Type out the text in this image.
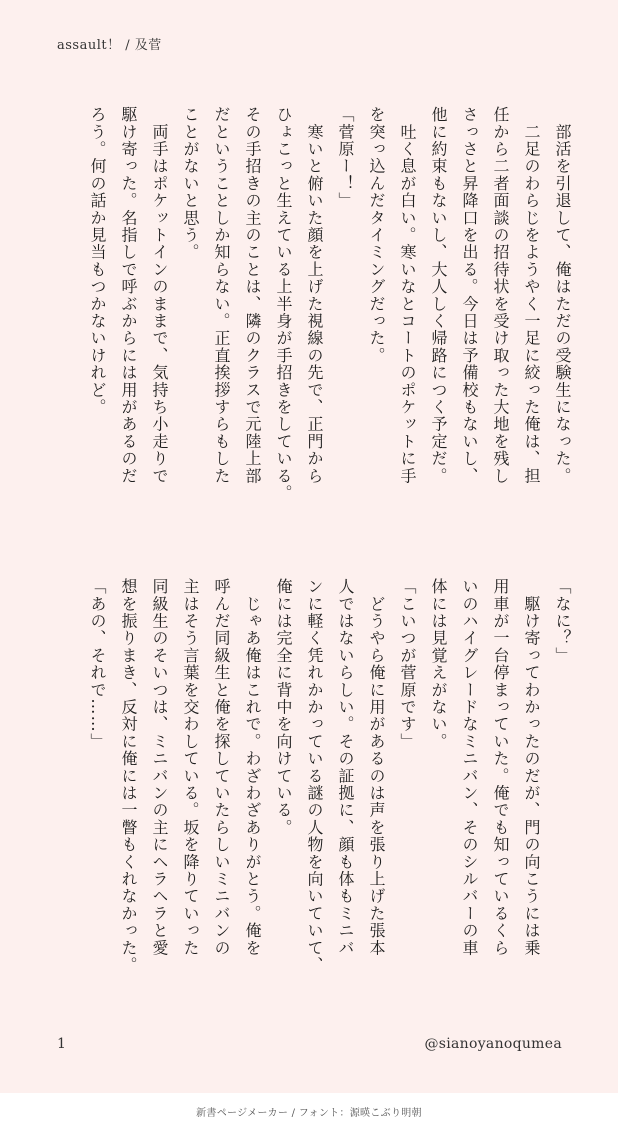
assault！ / 及菅
　部活を引退して、俺はただの受験生になった。
　二足のわらじをようやく一足に絞った俺は、担
任から二者面談の招待状を受け取った大地を残し
さっさと昇降口を出る。今日は予備校もないし、
他に約束もないし、大人しく帰路につく予定だ。
　吐く息が白い。寒いなとコートのポケットに手
を突っ込んだタイミングだった。
「菅原ー！」
　寒いと俯いた顔を上げた視線の先で、正門から
ひょこっと生えている上半身が手招きをしている。
その手招きの主のことは、隣のクラスで元陸上部
だということしか知らない。正直挨拶すらもした
ことがないと思う。
　両手はポケットインのままで、気持ち小走りで
駆け寄った。名指しで呼ぶからには用があるのだ
ろう。何の話か見当もつかないけれど。
「なに？」
　駆け寄ってわかったのだが、門の向こうには乗
用車が一台停まっていた。俺でも知っているくら
いのハイグレードなミニバン、そのシルバーの車
体には見覚えがない。
「こいつが菅原です」
　どうやら俺に用があるのは声を張り上げた張本
人ではないらしい。その証拠に、顔も体もミニバ
ンに軽く凭れかかっている謎の人物を向いていて、
俺には完全に背中を向けている。
　じゃあ俺はこれで。わざわざありがとう。俺を
呼んだ同級生と俺を探していたらしいミニバンの
主はそう言葉を交わしている。坂を降りていった
同級生のそいつは、ミニバンの主にヘラヘラと愛
想を振りまき、反対に俺には一瞥もくれなかった。
「あの、それで……」
1	@sianoyanoqumea
新書ページメーカー / フォント：源暎こぶり明朝
